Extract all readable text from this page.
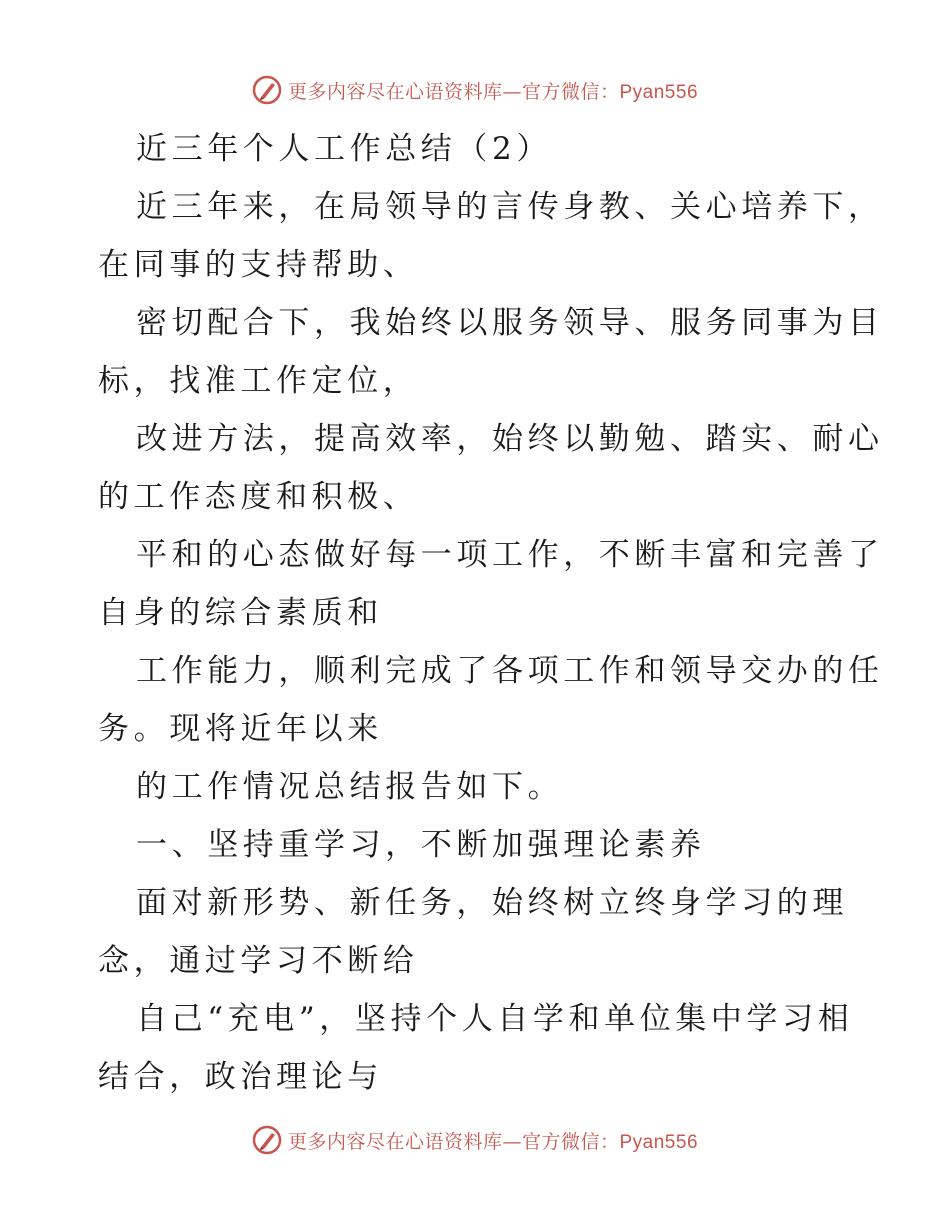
更多内容尽在心语资料库—官方微信：Pyan556
近三年个人工作总结（2）
近三年来，在局领导的言传身教、关心培养下，
在同事的支持帮助、
密切配合下，我始终以服务领导、服务同事为目
标，找准工作定位，
改进方法，提高效率，始终以勤勉、踏实、耐心
的工作态度和积极、
平和的心态做好每一项工作，不断丰富和完善了
自身的综合素质和
工作能力，顺利完成了各项工作和领导交办的任
务。现将近年以来
的工作情况总结报告如下。
一、坚持重学习，不断加强理论素养
面对新形势、新任务，始终树立终身学习的理
念，通过学习不断给
自己“充电”，坚持个人自学和单位集中学习相
结合，政治理论与
更多内容尽在心语资料库—官方微信：Pyan556
